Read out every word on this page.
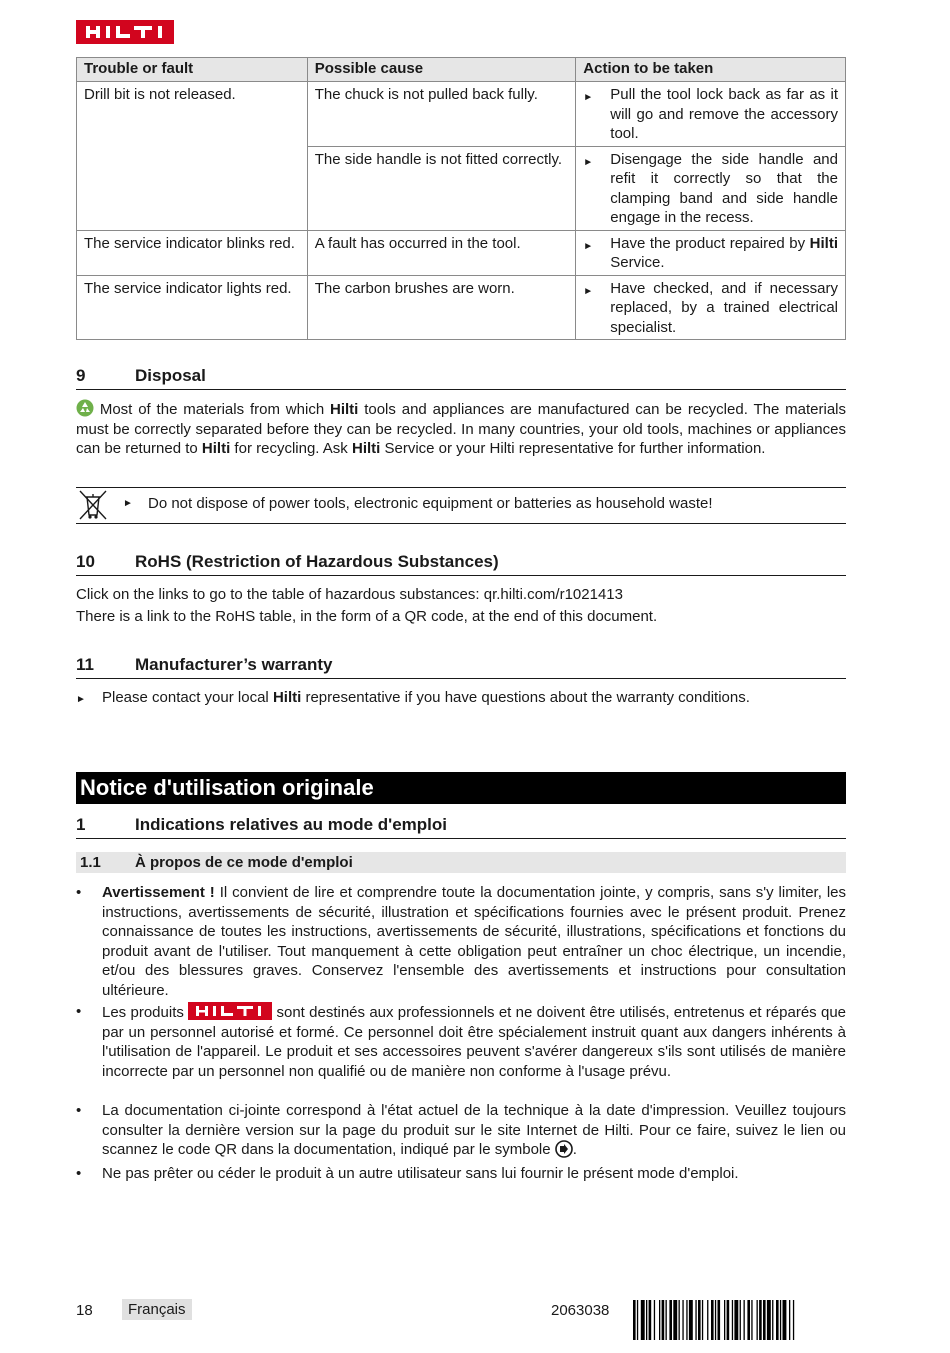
Trouble or fault	Possible cause	Action to be taken
Drill bit is not released.	The chuck is not pulled back fully.	► Pull the tool lock back as far as it will go and remove the accessory tool.

	The side handle is not fitted correctly.	► Disengage the side handle and refit it correctly so that the clamping band and side handle engage in the recess.

The service indicator blinks red.	A fault has occurred in the tool.	► Have the product repaired by Hilti Service.

The service indicator lights red.	The carbon brushes are worn.	► Have checked, and if necessary replaced, by a trained electrical specialist.
9	Disposal
Most of the materials from which Hilti tools and appliances are manufactured can be recycled. The materials must be correctly separated before they can be recycled. In many countries, your old tools, machines or appliances can be returned to Hilti for recycling. Ask Hilti Service or your Hilti representative for further information.
► Do not dispose of power tools, electronic equipment or batteries as household waste!
10 RoHS (Restriction of Hazardous Substances)
Click on the links to go to the table of hazardous substances: qr.hilti.com/r1021413
There is a link to the RoHS table, in the form of a QR code, at the end of this document.
11 Manufacturer’s warranty
► Please contact your local Hilti representative if you have questions about the warranty conditions.
Notice d'utilisation originale
1	Indications relatives au mode d'emploi
1.1 À propos de ce mode d'emploi
• Avertissement ! Il convient de lire et comprendre toute la documentation jointe, y compris, sans s'y limiter, les instructions, avertissements de sécurité, illustration et spécifications fournies avec le présent produit. Prenez connaissance de toutes les instructions, avertissements de sécurité, illustrations, spécifications et fonctions du produit avant de l'utiliser. Tout manquement à cette obligation peut entraîner un choc électrique, un incendie, et/ou des blessures graves. Conservez l'ensemble des avertissements et instructions pour consultation ultérieure.
• Les produits	sont destinés aux professionnels et ne doivent être utilisés, entretenus et réparés que par un personnel autorisé et formé. Ce personnel doit être spécialement instruit quant aux dangers inhérents à l'utilisation de l'appareil. Le produit et ses accessoires peuvent s'avérer dangereux s'ils sont utilisés de manière incorrecte par un personnel non qualifié ou de manière non conforme à l'usage prévu.
• La documentation ci-jointe correspond à l'état actuel de la technique à la date d'impression. Veuillez toujours consulter la dernière version sur la page du produit sur le site Internet de Hilti. Pour ce faire, suivez le lien ou scannez le code QR dans la documentation, indiqué par le symbole .
• Ne pas prêter ou céder le produit à un autre utilisateur sans lui fournir le présent mode d'emploi.
18	Français	2063038
